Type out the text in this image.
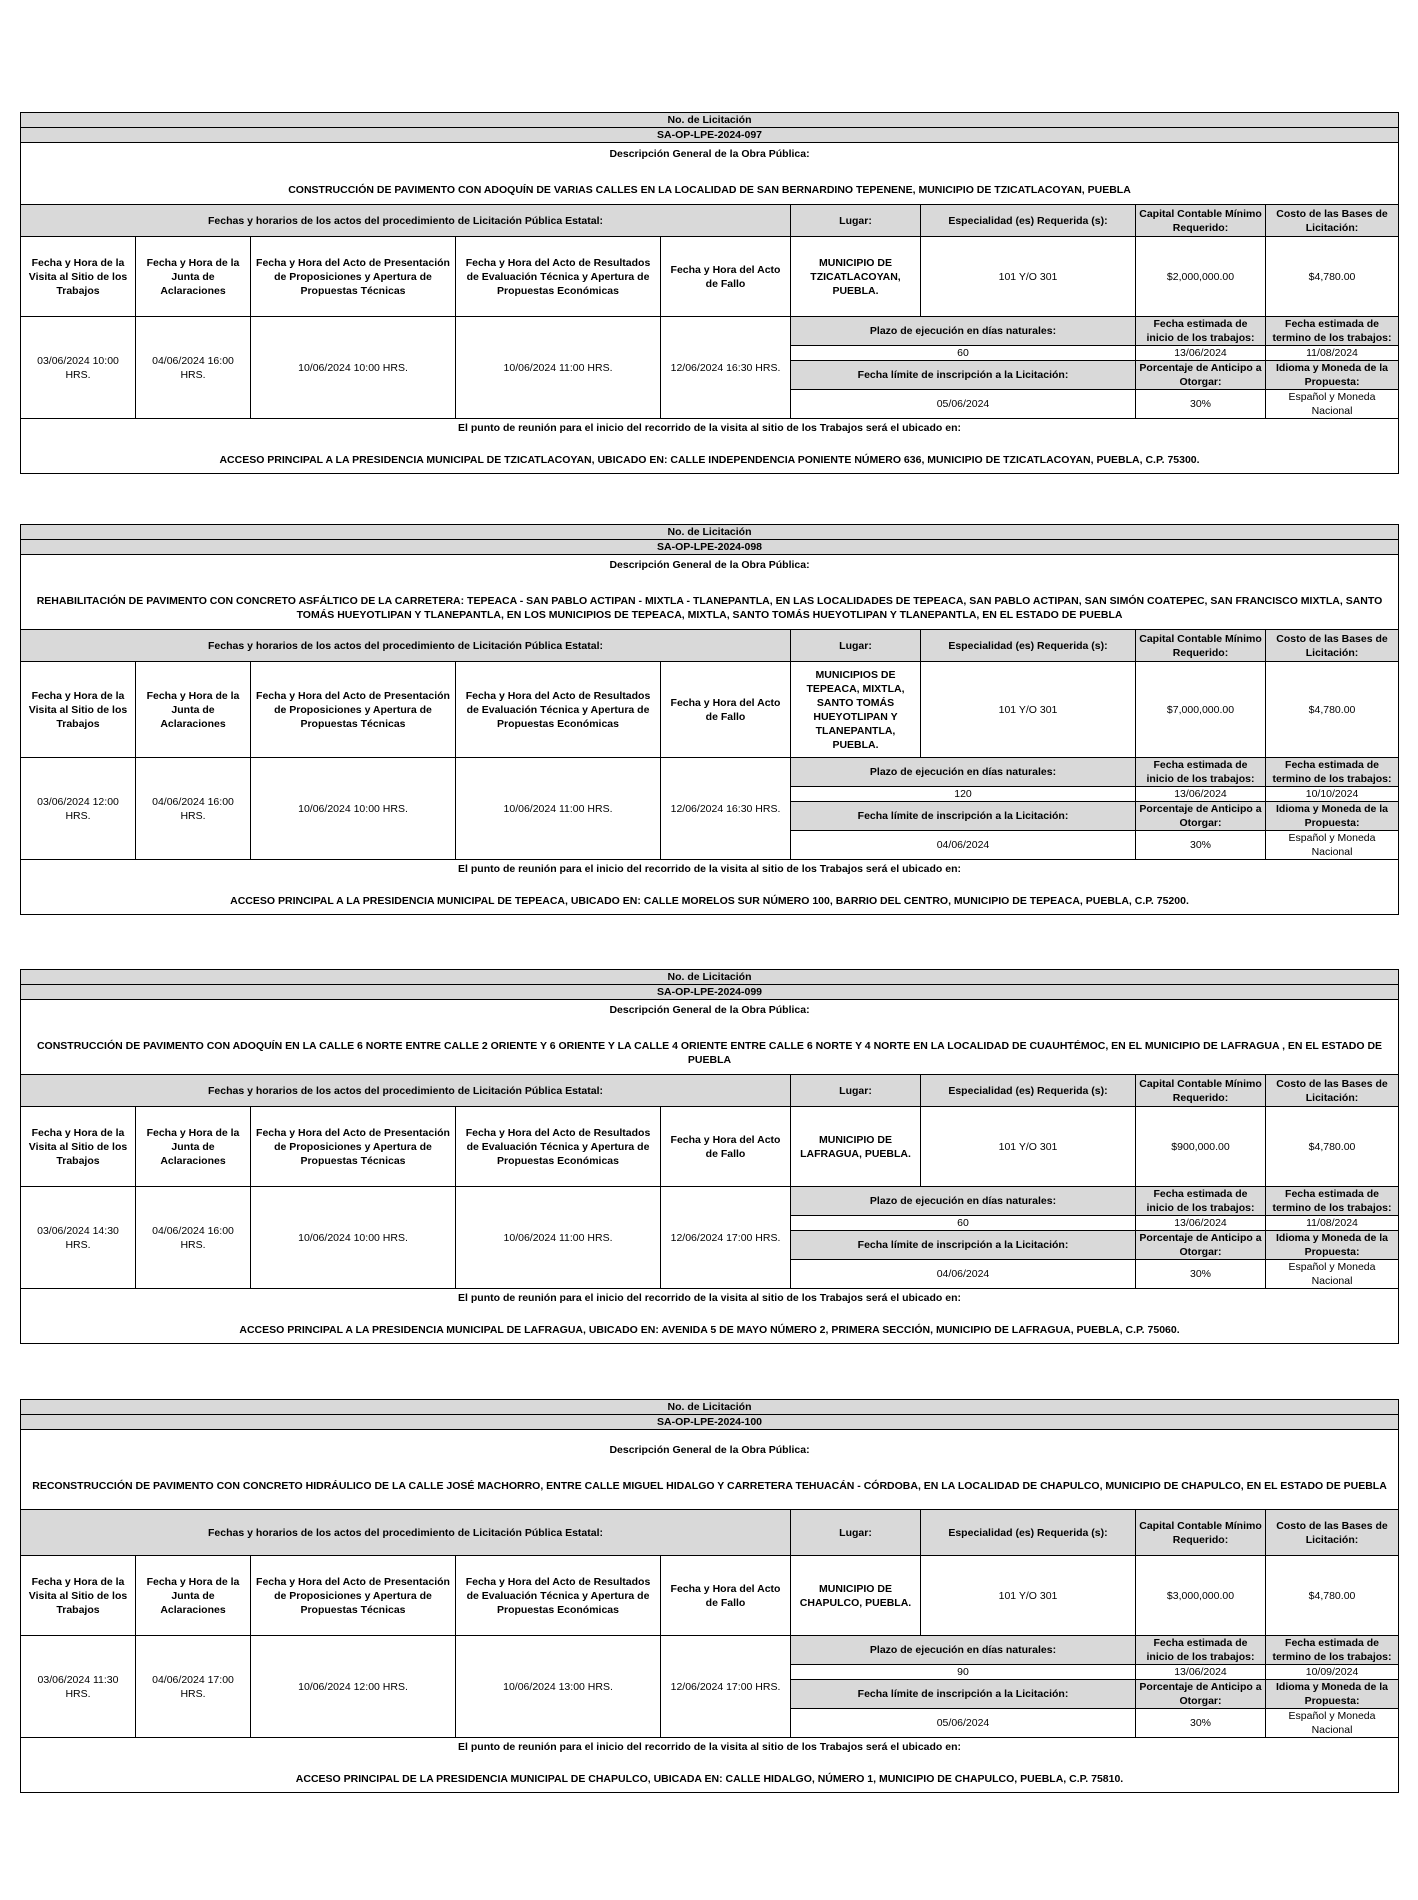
No. de Licitación								
SA-OP-LPE-2024-097								

Descripción General de la Obra Pública:
CONSTRUCCIÓN DE PAVIMENTO CON ADOQUÍN DE VARIAS CALLES EN LA LOCALIDAD DE SAN BERNARDINO TEPENENE, MUNICIPIO DE TZICATLACOYAN, PUEBLA								

Fechas y horarios de los actos del procedimiento de Licitación Pública Estatal:					Lugar:	Especialidad (es) Requerida (s):	Capital Contable Mínimo Requerido:	Costo de las Bases de Licitación:
Fecha y Hora de la Visita al Sitio de los Trabajos	Fecha y Hora de la Junta de Aclaraciones	Fecha y Hora del Acto de Presentación de Proposiciones y Apertura de Propuestas Técnicas	Fecha y Hora del Acto de Resultados de Evaluación Técnica y Apertura de Propuestas Económicas	Fecha y Hora del Acto de Fallo	MUNICIPIO DE TZICATLACOYAN, PUEBLA.	101 Y/O 301	$2,000,000.00	$4,780.00
03/06/2024 10:00 HRS.	04/06/2024 16:00 HRS.	10/06/2024 10:00 HRS.	10/06/2024 11:00 HRS.	12/06/2024 16:30 HRS.	Plazo de ejecución en días naturales:		Fecha estimada de inicio de los trabajos:	Fecha estimada de termino de los trabajos:
					60		13/06/2024	11/08/2024
					Fecha límite de inscripción a la Licitación:		Porcentaje de Anticipo a Otorgar:	Idioma y Moneda de la Propuesta:
					05/06/2024		30%	Español y Moneda Nacional

El punto de reunión para el inicio del recorrido de la visita al sitio de los Trabajos será el ubicado en:
ACCESO PRINCIPAL A LA PRESIDENCIA MUNICIPAL DE TZICATLACOYAN, UBICADO EN: CALLE INDEPENDENCIA PONIENTE NÚMERO 636, MUNICIPIO DE TZICATLACOYAN, PUEBLA, C.P. 75300.								
No. de Licitación								
SA-OP-LPE-2024-098								

Descripción General de la Obra Pública:
REHABILITACIÓN DE PAVIMENTO CON CONCRETO ASFÁLTICO DE LA CARRETERA: TEPEACA - SAN PABLO ACTIPAN - MIXTLA - TLANEPANTLA, EN LAS LOCALIDADES DE TEPEACA, SAN PABLO ACTIPAN, SAN SIMÓN COATEPEC, SAN FRANCISCO MIXTLA, SANTO TOMÁS HUEYOTLIPAN Y TLANEPANTLA, EN LOS MUNICIPIOS DE TEPEACA, MIXTLA, SANTO TOMÁS HUEYOTLIPAN Y TLANEPANTLA, EN EL ESTADO DE PUEBLA								

Fechas y horarios de los actos del procedimiento de Licitación Pública Estatal:					Lugar:	Especialidad (es) Requerida (s):	Capital Contable Mínimo Requerido:	Costo de las Bases de Licitación:
Fecha y Hora de la Visita al Sitio de los Trabajos	Fecha y Hora de la Junta de Aclaraciones	Fecha y Hora del Acto de Presentación de Proposiciones y Apertura de Propuestas Técnicas	Fecha y Hora del Acto de Resultados de Evaluación Técnica y Apertura de Propuestas Económicas	Fecha y Hora del Acto de Fallo	MUNICIPIOS DE TEPEACA, MIXTLA, SANTO TOMÁS HUEYOTLIPAN Y TLANEPANTLA, PUEBLA.	101 Y/O 301	$7,000,000.00	$4,780.00
03/06/2024 12:00 HRS.	04/06/2024 16:00 HRS.	10/06/2024 10:00 HRS.	10/06/2024 11:00 HRS.	12/06/2024 16:30 HRS.	Plazo de ejecución en días naturales:		Fecha estimada de inicio de los trabajos:	Fecha estimada de termino de los trabajos:
					120		13/06/2024	10/10/2024
					Fecha límite de inscripción a la Licitación:		Porcentaje de Anticipo a Otorgar:	Idioma y Moneda de la Propuesta:
					04/06/2024		30%	Español y Moneda Nacional

El punto de reunión para el inicio del recorrido de la visita al sitio de los Trabajos será el ubicado en:
ACCESO PRINCIPAL A LA PRESIDENCIA MUNICIPAL DE TEPEACA, UBICADO EN: CALLE MORELOS SUR NÚMERO 100, BARRIO DEL CENTRO, MUNICIPIO DE TEPEACA, PUEBLA, C.P. 75200.								
No. de Licitación								
SA-OP-LPE-2024-099								

Descripción General de la Obra Pública:
CONSTRUCCIÓN DE PAVIMENTO CON ADOQUÍN EN LA CALLE 6 NORTE ENTRE CALLE 2 ORIENTE Y 6 ORIENTE Y LA CALLE 4 ORIENTE ENTRE CALLE 6 NORTE Y 4 NORTE EN LA LOCALIDAD DE CUAUHTÉMOC, EN EL MUNICIPIO DE LAFRAGUA , EN EL ESTADO DE PUEBLA								

Fechas y horarios de los actos del procedimiento de Licitación Pública Estatal:					Lugar:	Especialidad (es) Requerida (s):	Capital Contable Mínimo Requerido:	Costo de las Bases de Licitación:
Fecha y Hora de la Visita al Sitio de los Trabajos	Fecha y Hora de la Junta de Aclaraciones	Fecha y Hora del Acto de Presentación de Proposiciones y Apertura de Propuestas Técnicas	Fecha y Hora del Acto de Resultados de Evaluación Técnica y Apertura de Propuestas Económicas	Fecha y Hora del Acto de Fallo	MUNICIPIO DE LAFRAGUA, PUEBLA.	101 Y/O 301	$900,000.00	$4,780.00
03/06/2024 14:30 HRS.	04/06/2024 16:00 HRS.	10/06/2024 10:00 HRS.	10/06/2024 11:00 HRS.	12/06/2024 17:00 HRS.	Plazo de ejecución en días naturales:		Fecha estimada de inicio de los trabajos:	Fecha estimada de termino de los trabajos:
					60		13/06/2024	11/08/2024
					Fecha límite de inscripción a la Licitación:		Porcentaje de Anticipo a Otorgar:	Idioma y Moneda de la Propuesta:
					04/06/2024		30%	Español y Moneda Nacional

El punto de reunión para el inicio del recorrido de la visita al sitio de los Trabajos será el ubicado en:
ACCESO PRINCIPAL A LA PRESIDENCIA MUNICIPAL DE LAFRAGUA, UBICADO EN: AVENIDA 5 DE MAYO NÚMERO 2, PRIMERA SECCIÓN, MUNICIPIO DE LAFRAGUA, PUEBLA, C.P. 75060.								
No. de Licitación								
SA-OP-LPE-2024-100								

Descripción General de la Obra Pública:
RECONSTRUCCIÓN DE PAVIMENTO CON CONCRETO HIDRÁULICO DE LA CALLE JOSÉ MACHORRO, ENTRE CALLE MIGUEL HIDALGO Y CARRETERA TEHUACÁN - CÓRDOBA, EN LA LOCALIDAD DE CHAPULCO, MUNICIPIO DE CHAPULCO, EN EL ESTADO DE PUEBLA								

Fechas y horarios de los actos del procedimiento de Licitación Pública Estatal:					Lugar:	Especialidad (es) Requerida (s):	Capital Contable Mínimo Requerido:	Costo de las Bases de Licitación:
Fecha y Hora de la Visita al Sitio de los Trabajos	Fecha y Hora de la Junta de Aclaraciones	Fecha y Hora del Acto de Presentación de Proposiciones y Apertura de Propuestas Técnicas	Fecha y Hora del Acto de Resultados de Evaluación Técnica y Apertura de Propuestas Económicas	Fecha y Hora del Acto de Fallo	MUNICIPIO DE CHAPULCO, PUEBLA.	101 Y/O 301	$3,000,000.00	$4,780.00
03/06/2024 11:30 HRS.	04/06/2024 17:00 HRS.	10/06/2024 12:00 HRS.	10/06/2024 13:00 HRS.	12/06/2024 17:00 HRS.	Plazo de ejecución en días naturales:		Fecha estimada de inicio de los trabajos:	Fecha estimada de termino de los trabajos:
					90		13/06/2024	10/09/2024
					Fecha límite de inscripción a la Licitación:		Porcentaje de Anticipo a Otorgar:	Idioma y Moneda de la Propuesta:
					05/06/2024		30%	Español y Moneda Nacional

El punto de reunión para el inicio del recorrido de la visita al sitio de los Trabajos será el ubicado en:
ACCESO PRINCIPAL DE LA PRESIDENCIA MUNICIPAL DE CHAPULCO, UBICADA EN: CALLE HIDALGO, NÚMERO 1, MUNICIPIO DE CHAPULCO, PUEBLA, C.P. 75810.								
